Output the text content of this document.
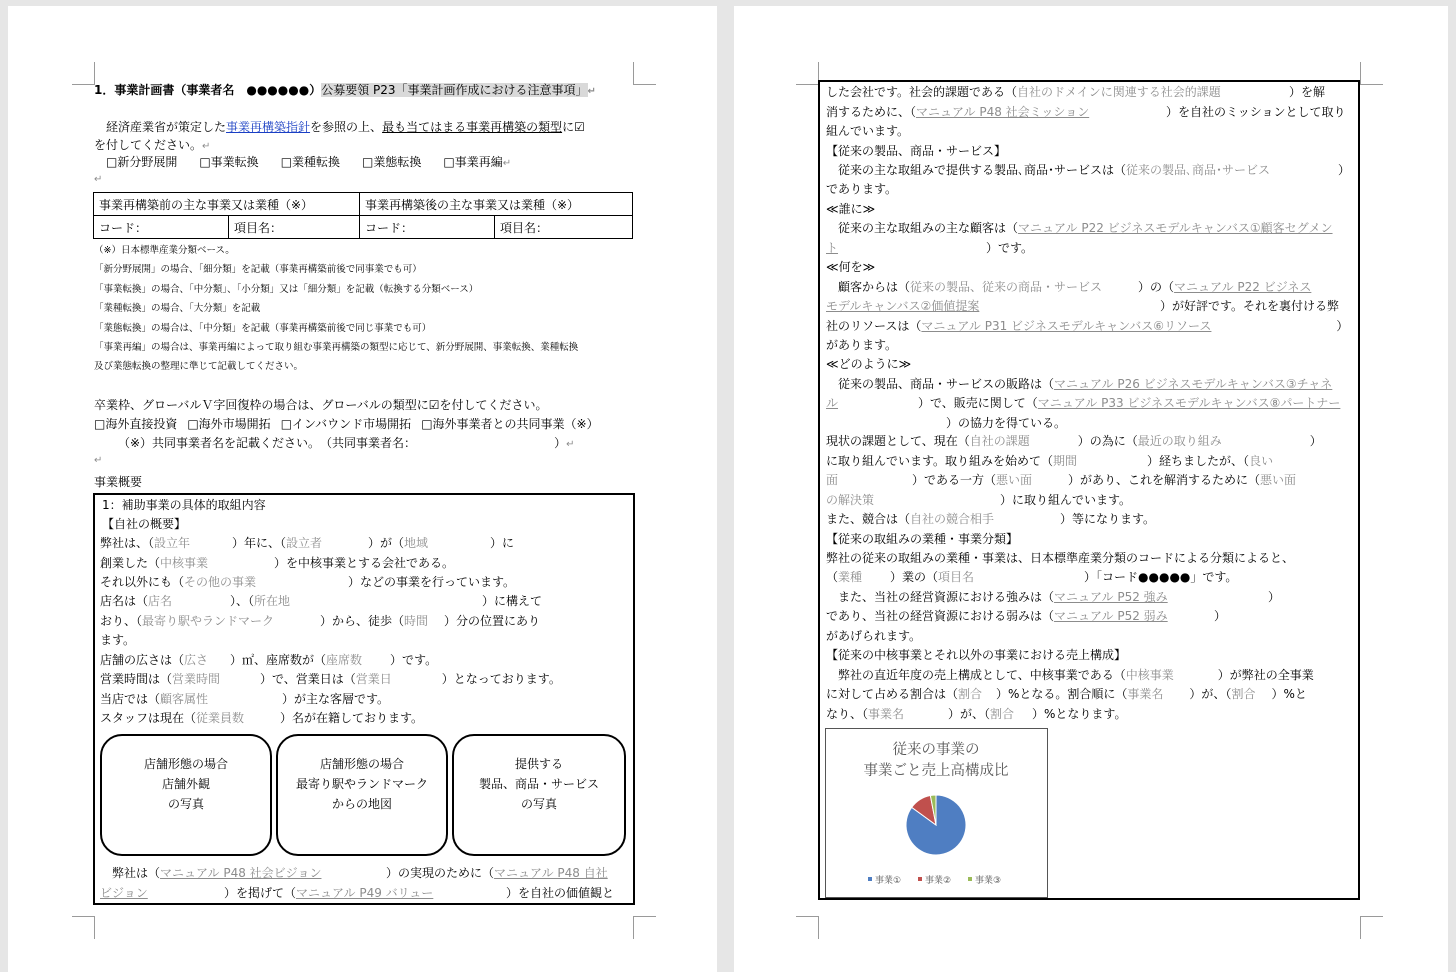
1．事業計画書（事業者名　●●●●●●）公募要領 P23「事業計画作成における注意事項」↵
　経済産業省が策定した事業再構築指針を参照の上、最も当てはまる事業再構築の類型に☑
を付してください。↵
□新分野展開 □事業転換 □業種転換 □業態転換 □事業再編↵
↵
事業再構築前の主な事業又は業種（※）		事業再構築後の主な事業又は業種（※）	
コード：	項目名：	コード：	項目名：
（※）日本標準産業分類ベース。
「新分野展開」の場合、「細分類」を記載（事業再構築前後で同事業でも可）
「事業転換」の場合、「中分類」、「小分類」又は「細分類」を記載（転換する分類ベース）
「業種転換」の場合、「大分類」を記載
「業態転換」の場合は、「中分類」を記載（事業再構築前後で同じ事業でも可）
「事業再編」の場合は、事業再編によって取り組む事業再構築の類型に応じて、新分野展開、事業転換、業種転換
及び業態転換の整理に準じて記載してください。
卒業枠、グローバルＶ字回復枠の場合は、グローバルの類型に☑を付してください。
□海外直接投資 □海外市場開拓 □インバウンド市場開拓 □海外事業者との共同事業（※）
（※）共同事業者名を記載ください。　（共同事業者名：	）↵
↵
事業概要
1：補助事業の具体的取組内容
【自社の概要】
弊社は、（設立年	）年に、（設立者	）が（地域	）に
創業した（中核事業	）を中核事業とする会社である。
それ以外にも（その他の事業	）などの事業を行っています。
店名は（店名	）、（所在地	）に構えて
おり、（最寄り駅やランドマーク	）から、徒歩（時間 ）分の位置にあり
ます。
店舗の広さは（広さ ）㎡、座席数が（座席数 ）です。
営業時間は（営業時間	）で、営業日は（営業日	）となっております。
当店では（顧客属性	）が主な客層です。
スタッフは現在（従業員数	）名が在籍しております。
店舗形態の場合
店舗外観
の写真
店舗形態の場合
最寄り駅やランドマーク
からの地図
提供する
製品、商品・サービス
の写真
　弊社は（マニュアル P48 社会ビジョン	）の実現のために（マニュアル P48 自社
ビジョン	）を掲げて（マニュアル P49 バリュー	）を自社の価値観と
した会社です。社会的課題である（自社のドメインに関連する社会的課題	）を解
消するために、（マニュアル P48 社会ミッション	）を自社のミッションとして取り
組んでいます。
【従来の製品、商品・サービス】
　従来の主な取組みで提供する製品､商品･サービスは（従来の製品､商品･サービス	）
であります。
≪誰に≫
　従来の主な取組みの主な顧客は（マニュアル P22 ビジネスモデルキャンバス①顧客セグメン
ト	）です。
≪何を≫
　顧客からは（従来の製品、従来の商品・サービス	）の（マニュアル P22 ビジネス
モデルキャンバス②価値提案	）が好評です。それを裏付ける弊
社のリソースは（マニュアル P31 ビジネスモデルキャンバス⑥リソース	）
があります。
≪どのように≫
　従来の製品、商品・サービスの販路は（マニュアル P26 ビジネスモデルキャンバス③チャネ
ル	）で、販売に関して（マニュアル P33 ビジネスモデルキャンバス⑧パートナー
）の協力を得ている。
現状の課題として、現在（自社の課題	）の為に（最近の取り組み	）
に取り組んでいます。取り組みを始めて（期間	）経ちましたが、（良い
面	）である一方（悪い面	）があり、これを解消するために（悪い面
の解決策	）に取り組んでいます。
また、競合は（自社の競合相手	）等になります。
【従来の取組みの業種・事業分類】
弊社の従来の取組みの業種・事業は、日本標準産業分類のコードによる分類によると、
（業種 ）業の（項目名	）「コード●●●●●」です。
　また、当社の経営資源における強みは（マニュアル P52 強み	）
であり、当社の経営資源における弱みは（マニュアル P52 弱み	）
があげられます。
【従来の中核事業とそれ以外の事業における売上構成】
　弊社の直近年度の売上構成として、中核事業である（中核事業	）が弊社の全事業
に対して占める割合は（割合 ）%となる。割合順に（事業名 ）が、（割合 ）%と
なり、（事業名	）が、（割合 ）%となります。
従来の事業の
事業ごと売上高構成比
事業①	事業②	事業③
